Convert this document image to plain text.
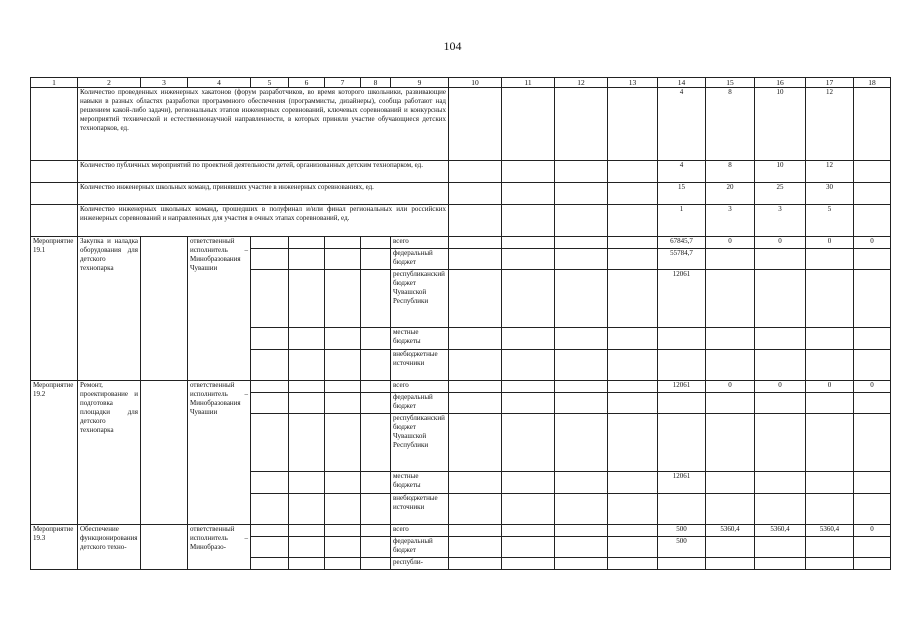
104
1	2	3	4	5	6	7	8	9	10	11	12	13	14	15	16	17	18
	Количество проведенных инженерных хакатонов (форум разработчиков, во время которого школьники, развивающие навыки в разных областях разработки программного обеспечения (программисты, дизайнеры), сообща работают над решением какой-либо задачи), региональных этапов инженерных соревнований, ключевых соревнований и конкурсных мероприятий технической и естественнонаучной направленности, в которых приняли участие обучающиеся детских технопарков, ед.												4	8	10	12	
	Количество публичных мероприятий по проектной деятельности детей, организованных детским технопарком, ед.												4	8	10	12	
	Количество инженерных школьных команд, принявших участие в инженерных соревнованиях, ед.												15	20	25	30	
	Количество инженерных школьных команд, прошедших в полуфинал и/или финал региональных или российских инженерных соревнований и направленных для участия в очных этапах соревнований, ед.												1	3	3	5	
Мероприятие 19.1	Закупка и наладка оборудования для детского технопарка		ответственный исполнитель – Минобразования Чувашии					всего					67845,7	0	0	0	0
								федеральный бюджет					55784,7				
								республиканский бюджет Чувашской Республики					12061				
								местные бюджеты									
								внебюджетные источники									
Мероприятие 19.2	Ремонт, проектирование и подготовка площадки для детского технопарка		ответственный исполнитель – Минобразования Чувашии					всего					12061	0	0	0	0
								федеральный бюджет									
								республиканский бюджет Чувашской Республики									
								местные бюджеты					12061				
								внебюджетные источники									
Мероприятие 19.3	Обеспечение функционирования детского техно-		ответственный исполнитель – Минобразо-					всего					500	5360,4	5360,4	5360,4	0
								федеральный бюджет					500				
								республи-									
